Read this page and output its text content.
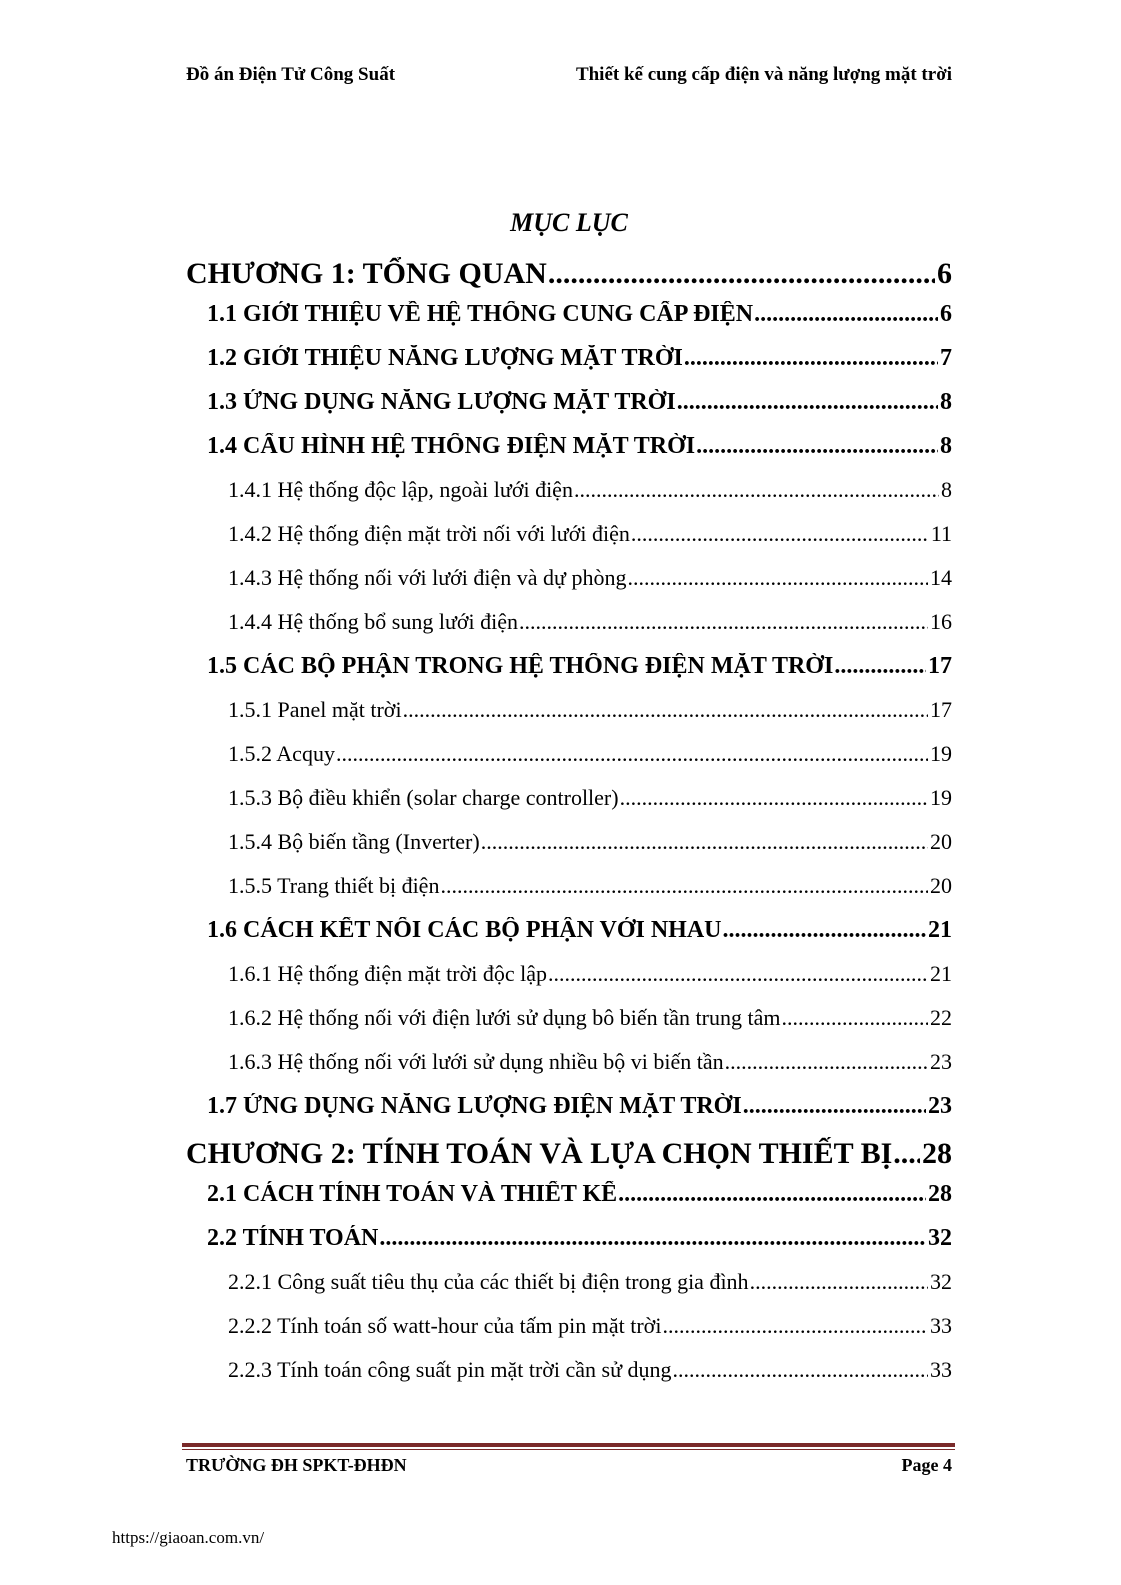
Đồ án Điện Tử Công Suất	Thiết kế cung cấp điện và năng lượng mặt trời
MỤC LỤC
CHƯƠNG 1: TỔNG QUAN .....	6
1.1 GIỚI THIỆU VỀ HỆ THỐNG CUNG CẤP ĐIỆN .....	6
1.2 GIỚI THIỆU NĂNG LƯỢNG MẶT TRỜI .....	7
1.3 ỨNG DỤNG NĂNG LƯỢNG MẶT TRỜI .....	8
1.4 CẤU HÌNH HỆ THỐNG ĐIỆN MẶT TRỜI .....	8
1.4.1 Hệ thống độc lập, ngoài lưới điện .....	8
1.4.2 Hệ thống điện mặt trời nối với lưới điện .....	11
1.4.3 Hệ thống nối với lưới điện và dự phòng .....	14
1.4.4 Hệ thống bổ sung lưới điện .....	16
1.5 CÁC BỘ PHẬN TRONG HỆ THỐNG ĐIỆN MẶT TRỜI .....	17
1.5.1 Panel mặt trời .....	17
1.5.2 Acquy .....	19
1.5.3 Bộ điều khiển (solar charge controller) .....	19
1.5.4 Bộ biến tầng (Inverter) .....	20
1.5.5 Trang thiết bị điện .....	20
1.6 CÁCH KẾT NỐI CÁC BỘ PHẬN VỚI NHAU .....	21
1.6.1 Hệ thống điện mặt trời độc lập .....	21
1.6.2 Hệ thống nối với điện lưới sử dụng bô biến tần trung tâm .....	22
1.6.3 Hệ thống nối với lưới sử dụng nhiều bộ vi biến tần .....	23
1.7 ỨNG DỤNG NĂNG LƯỢNG ĐIỆN MẶT TRỜI .....	23
CHƯƠNG 2: TÍNH TOÁN VÀ LỰA CHỌN THIẾT BỊ ..... 28
2.1 CÁCH TÍNH TOÁN VÀ THIẾT KẾ .....	28
2.2 TÍNH TOÁN .....	32
2.2.1 Công suất tiêu thụ của các thiết bị điện trong gia đình .....	32
2.2.2 Tính toán số watt-hour của tấm pin mặt trời .....	33
2.2.3 Tính toán công suất pin mặt trời cần sử dụng .....	33
TRƯỜNG ĐH SPKT-ĐHĐN	Page 4
https://giaoan.com.vn/
